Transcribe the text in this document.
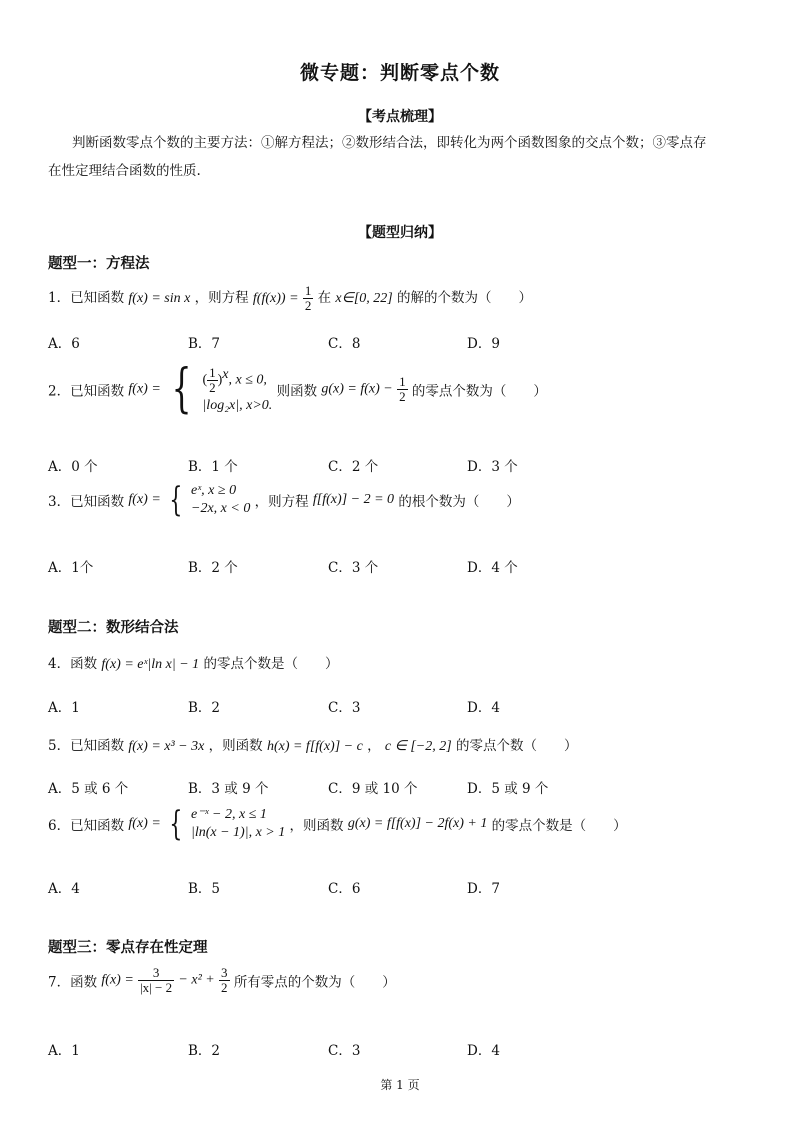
微专题：判断零点个数
【考点梳理】
判断函数零点个数的主要方法：①解方程法；②数形结合法，即转化为两个函数图象的交点个数；③零点存
在性定理结合函数的性质.
【题型归纳】
题型一：方程法
1．已知函数 f(x) = sin x ，则方程 $f(f(x)) = \frac{1}{2}$ 在 x∈[0, 22] 的解的个数为（　　）
A．6	B．7	C．8	D．9
2．已知函数 f(x) = { ( $\frac{1}{2} )^x$, x ≤ 0,
|log₂x|, x>0.
则函数 $g(x) = f(x) - \frac{1}{2}$ 的零点个数为（　　）
A．0 个	B．1 个	C．2 个	D．3 个
3．已知函数 f(x) = { eˣ, x ≥ 0
−2x, x < 0 ，则方程 f[f(x)] − 2 = 0 的根个数为（　　）
A．1个	B．2 个	C．3 个	D．4 个
题型二：数形结合法
4．函数 f(x) = eˣ|ln x| − 1 的零点个数是（　　）
A．1	B．2	C．3	D．4
5．已知函数 f(x) = x³ − 3x ，则函数 h(x) = f[f(x)] − c ， c ∈ [−2, 2] 的零点个数（　　）
A．5 或 6 个	B．3 或 9 个	C．9 或 10 个	D．5 或 9 个
6．已知函数 f(x) = { e⁻ˣ − 2, x ≤ 1
|ln(x − 1)|, x > 1 ，则函数 g(x) = f[f(x)] − 2f(x) + 1 的零点个数是（　　）
A．4	B．5	C．6	D．7
题型三：零点存在性定理
7．函数 $f(x) = \frac{3}{|x| - 2} - x^2 + \frac{3}{2}$ 所有零点的个数为（　　）
A．1	B．2	C．3	D．4
第 1 页
